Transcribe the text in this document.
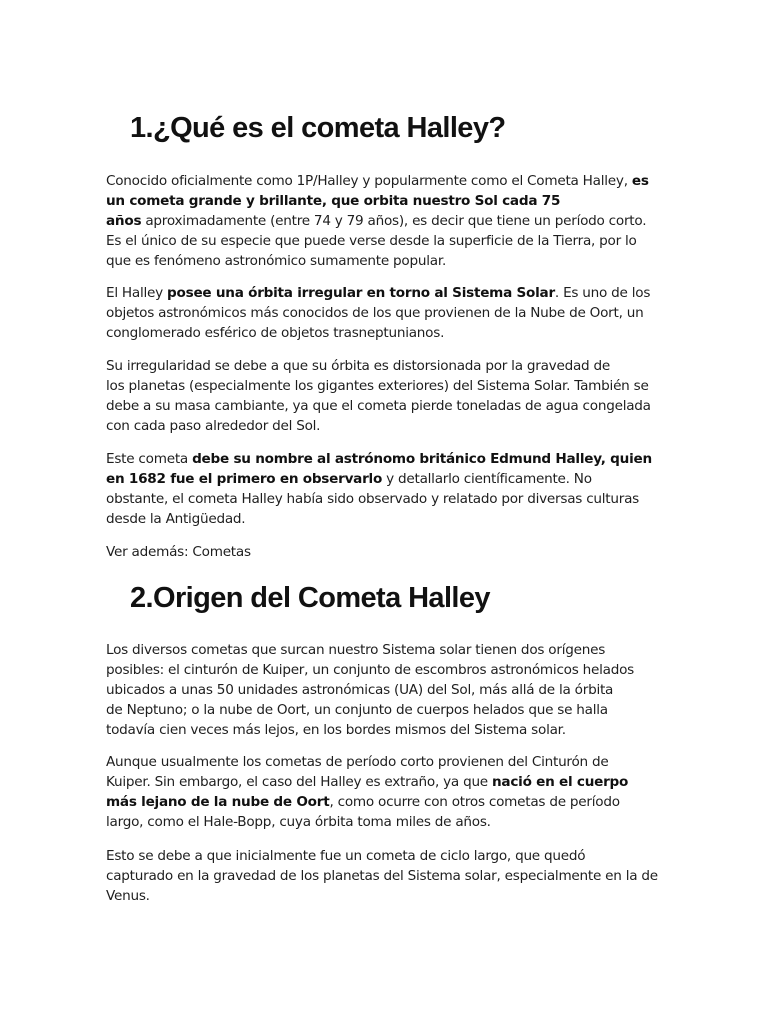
1.¿Qué es el cometa Halley?

Conocido oficialmente como 1P/Halley y popularmente como el Cometa Halley, es
un cometa grande y brillante, que orbita nuestro Sol cada 75
años aproximadamente (entre 74 y 79 años), es decir que tiene un período corto.
Es el único de su especie que puede verse desde la superficie de la Tierra, por lo
que es fenómeno astronómico sumamente popular.

El Halley posee una órbita irregular en torno al Sistema Solar. Es uno de los
objetos astronómicos más conocidos de los que provienen de la Nube de Oort, un
conglomerado esférico de objetos trasneptunianos.

Su irregularidad se debe a que su órbita es distorsionada por la gravedad de
los planetas (especialmente los gigantes exteriores) del Sistema Solar. También se
debe a su masa cambiante, ya que el cometa pierde toneladas de agua congelada
con cada paso alrededor del Sol.

Este cometa debe su nombre al astrónomo británico Edmund Halley, quien
en 1682 fue el primero en observarlo y detallarlo científicamente. No
obstante, el cometa Halley había sido observado y relatado por diversas culturas
desde la Antigüedad.

Ver además: Cometas

2.Origen del Cometa Halley

Los diversos cometas que surcan nuestro Sistema solar tienen dos orígenes
posibles: el cinturón de Kuiper, un conjunto de escombros astronómicos helados
ubicados a unas 50 unidades astronómicas (UA) del Sol, más allá de la órbita
de Neptuno; o la nube de Oort, un conjunto de cuerpos helados que se halla
todavía cien veces más lejos, en los bordes mismos del Sistema solar.

Aunque usualmente los cometas de período corto provienen del Cinturón de
Kuiper. Sin embargo, el caso del Halley es extraño, ya que nació en el cuerpo
más lejano de la nube de Oort, como ocurre con otros cometas de período
largo, como el Hale-Bopp, cuya órbita toma miles de años.

Esto se debe a que inicialmente fue un cometa de ciclo largo, que quedó
capturado en la gravedad de los planetas del Sistema solar, especialmente en la de
Venus.
